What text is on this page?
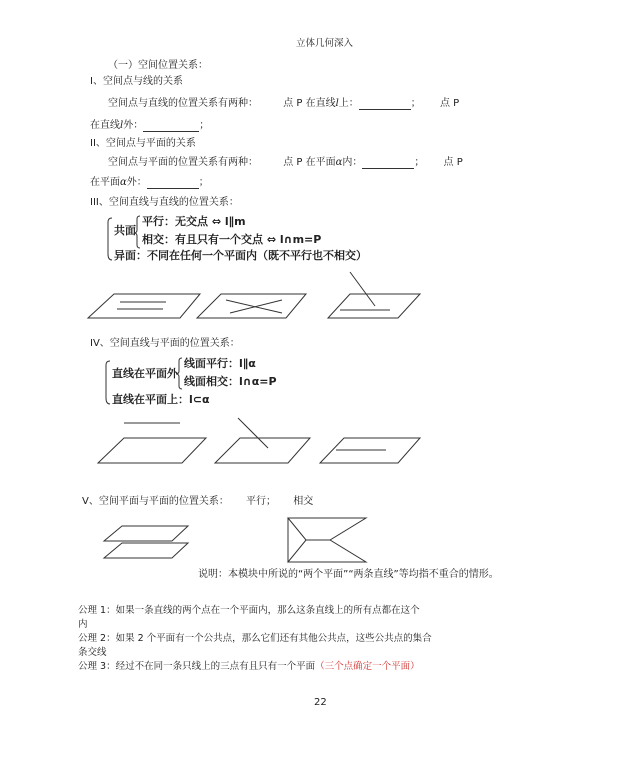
立体几何深入
（一）空间位置关系：
I、空间点与线的关系
空间点与直线的位置关系有两种：	点 P 在直线l上：	； 点 P
在直线l外：	；
II、空间点与平面的关系
空间点与平面的位置关系有两种：	点 P 在平面α内：	； 点 P
在平面α外：	；
III、空间直线与直线的位置关系：
共面
平行：无交点 ⇔ l∥m
相交：有且只有一个交点 ⇔ l∩m=P
异面：不同在任何一个平面内（既不平行也不相交）
IV、空间直线与平面的位置关系：
直线在平面外
线面平行：l∥α
线面相交：l∩α=P
直线在平面上：l⊂α
V、空间平面与平面的位置关系： 平行； 相交
说明：本模块中所说的“两个平面”“两条直线”等均指不重合的情形。
公理 1：如果一条直线的两个点在一个平面内，那么这条直线上的所有点都在这个
内
公理 2：如果 2 个平面有一个公共点，那么它们还有其他公共点，这些公共点的集合
条交线
公理 3：经过不在同一条只线上的三点有且只有一个平面（三个点确定一个平面）
22
